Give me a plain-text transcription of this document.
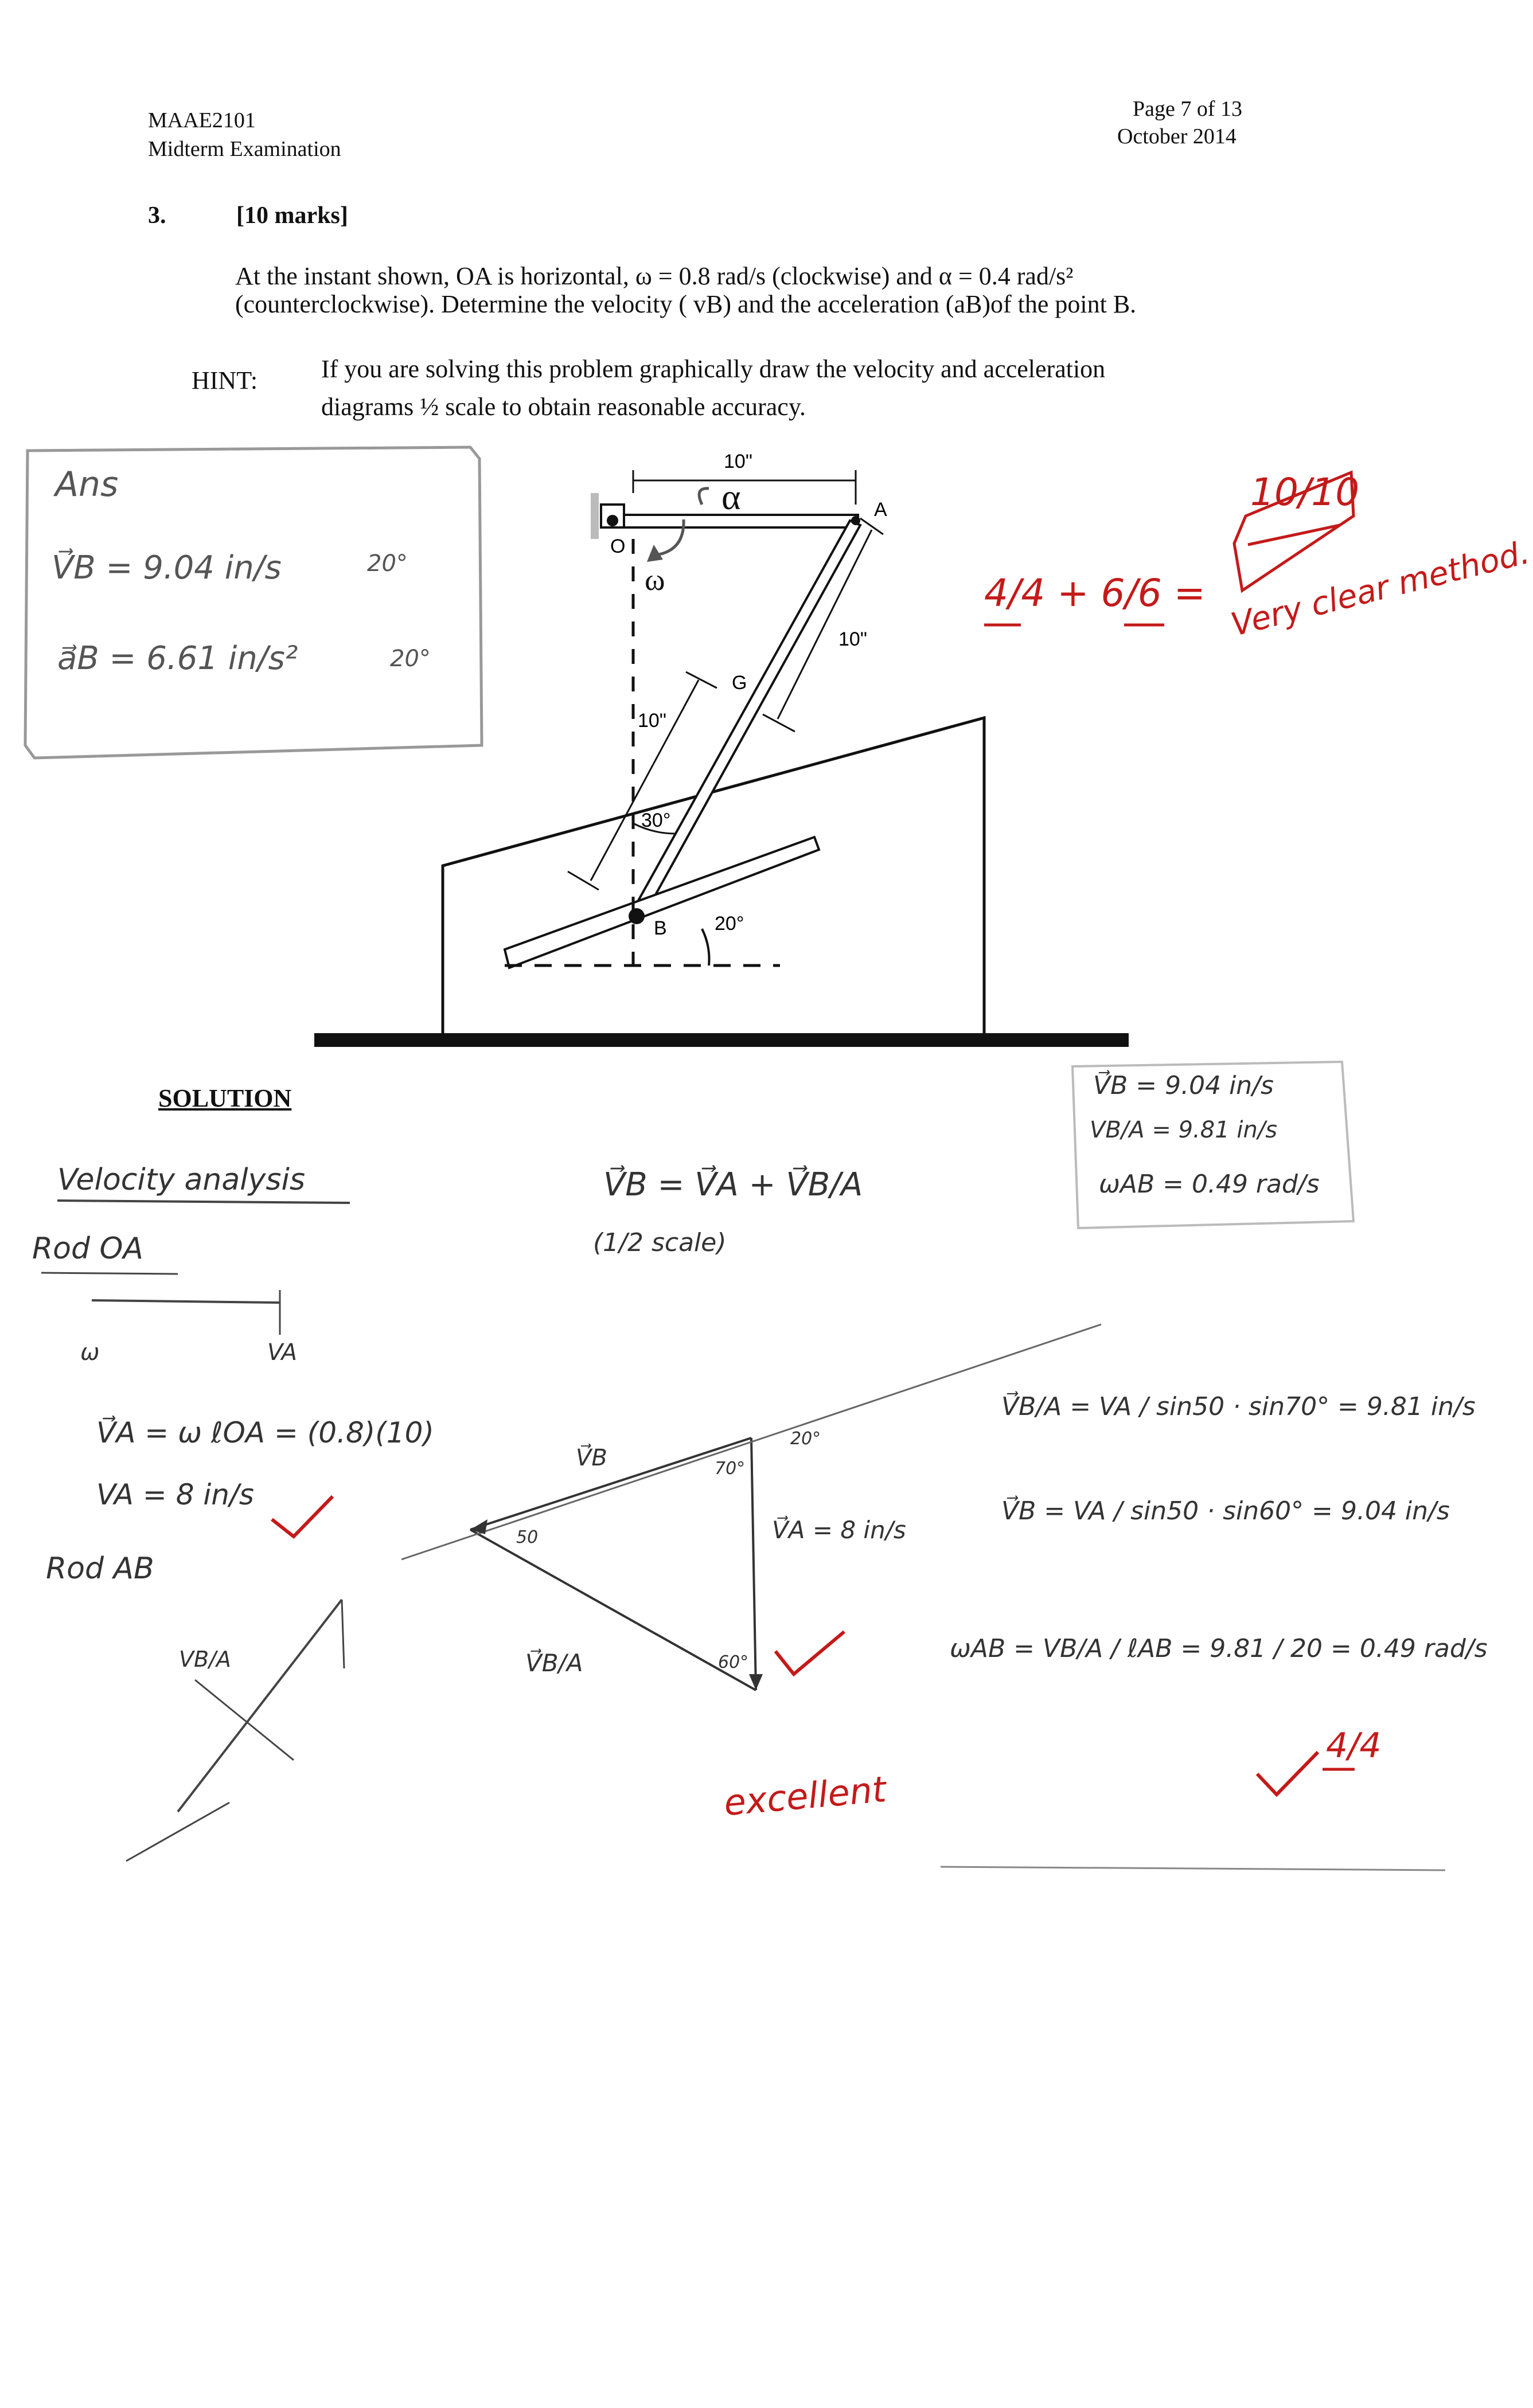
MAAE2101
Midterm Examination
Page 7 of 13
October 2014
3.	[10 marks]
At the instant shown, OA is horizontal, ω = 0.8 rad/s (clockwise) and α = 0.4 rad/s²
(counterclockwise). Determine the velocity ( vB) and the acceleration (aB)of the point B.
HINT:	If you are solving this problem graphically draw the velocity and acceleration
diagrams ½ scale to obtain reasonable accuracy.
10"
10"
10"
α
ω
O
A
G
B
30°
20°
Ans
V⃗B = 9.04 in/s	20°
a⃗B = 6.61 in/s²	20°
4/4 + 6/6 =
10/10
Very clear method.
excellent
4/4
SOLUTION
Velocity analysis
Rod OA
ω	VA
V⃗A = ω ℓOA = (0.8)(10)
VA = 8 in/s
Rod AB
VB/A
V⃗B = V⃗A + V⃗B/A
(1/2 scale)
V⃗B
V⃗A = 8 in/s
V⃗B/A
70°
20°
50
60°
V⃗B = 9.04 in/s
VB/A = 9.81 in/s
ωAB = 0.49 rad/s
V⃗B/A = VA / sin50 · sin70° = 9.81 in/s
V⃗B = VA / sin50 · sin60° = 9.04 in/s
ωAB = VB/A / ℓAB = 9.81 / 20 = 0.49 rad/s
